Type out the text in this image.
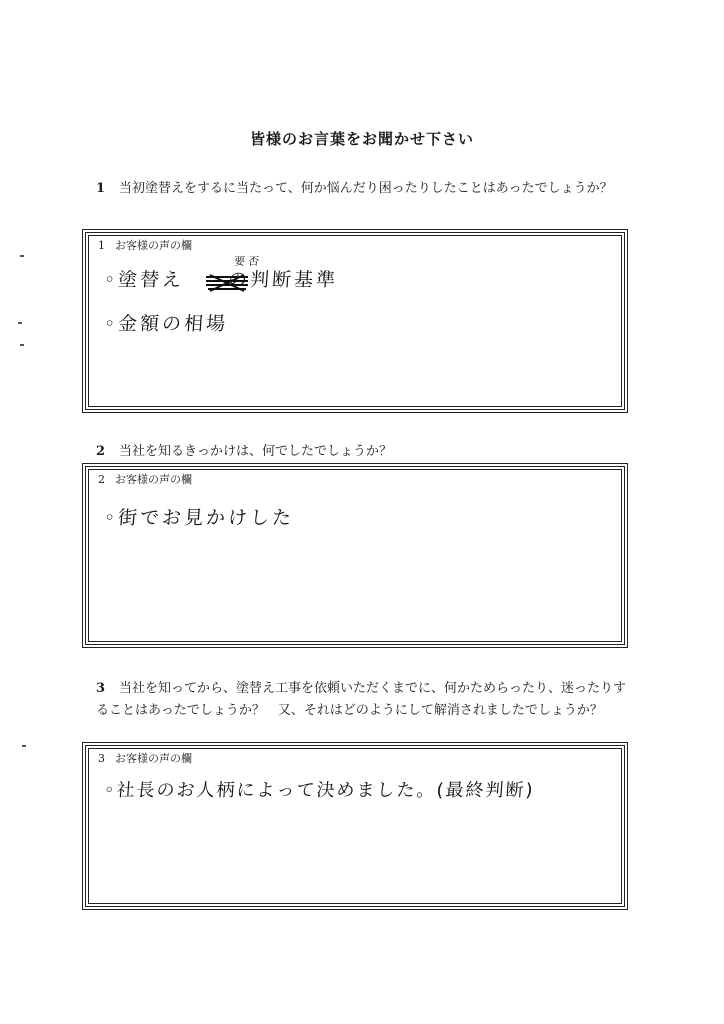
皆様のお言葉をお聞かせ下さい
1 当初塗替えをするに当たって、何か悩んだり困ったりしたことはあったでしょうか？
1 お客様の声の欄
要否
◦塗替え　　の判断基準
◦金額の相場
2 当社を知るきっかけは、何でしたでしょうか？
2 お客様の声の欄
◦街でお見かけした
3 当社を知ってから、塗替え工事を依頼いただくまでに、何かためらったり、迷ったりすることはあったでしょうか？　又、それはどのようにして解消されましたでしょうか？
3 お客様の声の欄
◦社長のお人柄によって決めました。(最終判断)
